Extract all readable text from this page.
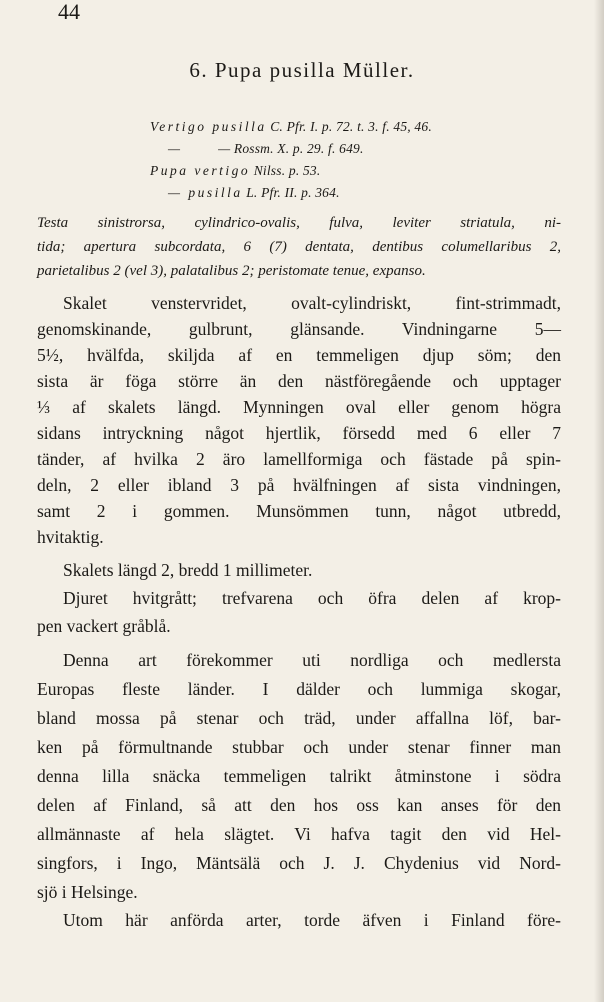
44
6. Pupa pusilla Müller.
Vertigo pusilla C. Pfr. I. p. 72. t. 3. f. 45, 46.
— — Rossm. X. p. 29. f. 649.
Pupa vertigo Nilss. p. 53.
— pusilla L. Pfr. II. p. 364.
Testa sinistrorsa, cylindrico-ovalis, fulva, leviter striatula, ni-
tida; apertura subcordata, 6 (7) dentata, dentibus columellaribus 2,
parietalibus 2 (vel 3), palatalibus 2; peristomate tenue, expanso.
Skalet venstervridet, ovalt-cylindriskt, fint-strimmadt,
genomskinande, gulbrunt, glänsande. Vindningarne 5—
5½, hvälfda, skiljda af en temmeligen djup söm; den
sista är föga större än den nästföregående och upptager
⅓ af skalets längd. Mynningen oval eller genom högra
sidans intryckning något hjertlik, försedd med 6 eller 7
tänder, af hvilka 2 äro lamellformiga och fästade på spin-
deln, 2 eller ibland 3 på hvälfningen af sista vindningen,
samt 2 i gommen. Munsömmen tunn, något utbredd,
hvitaktig.
Skalets längd 2, bredd 1 millimeter.
Djuret hvitgrått; trefvarena och öfra delen af krop-
pen vackert gråblå.
Denna art förekommer uti nordliga och medlersta
Europas fleste länder. I dälder och lummiga skogar,
bland mossa på stenar och träd, under affallna löf, bar-
ken på förmultnande stubbar och under stenar finner man
denna lilla snäcka temmeligen talrikt åtminstone i södra
delen af Finland, så att den hos oss kan anses för den
allmännaste af hela slägtet. Vi hafva tagit den vid Hel-
singfors, i Ingo, Mäntsälä och J. J. Chydenius vid Nord-
sjö i Helsinge.
Utom här anförda arter, torde äfven i Finland före-
